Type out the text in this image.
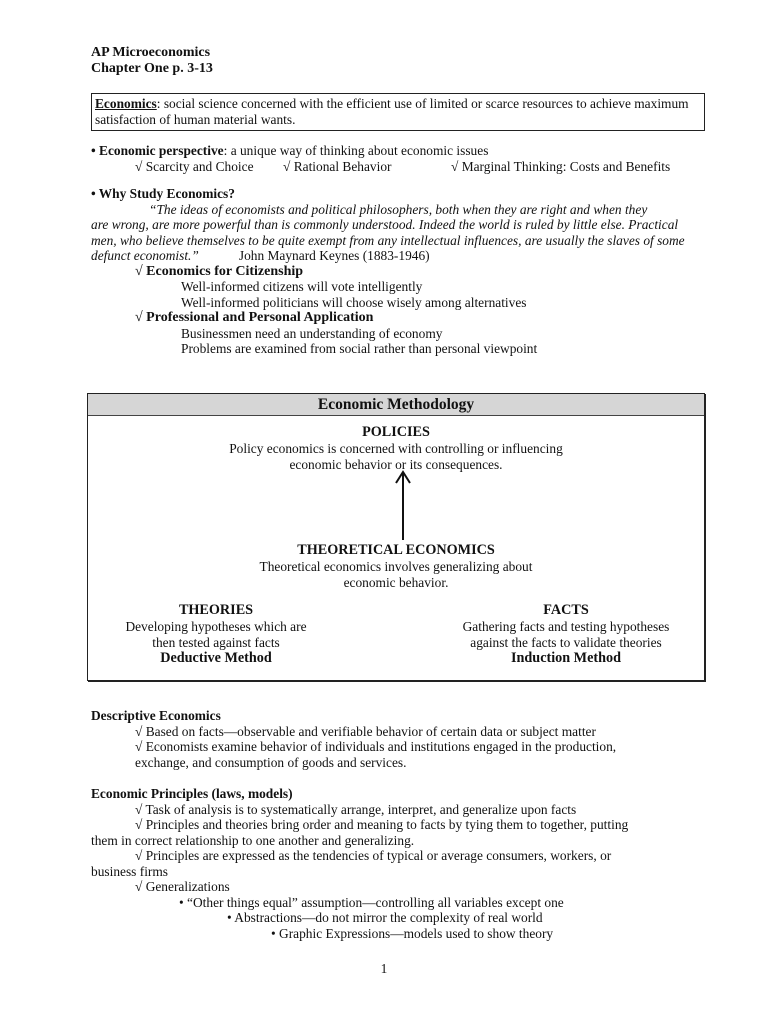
AP Microeconomics
Chapter One p. 3-13
Economics: social science concerned with the efficient use of limited or scarce resources to achieve maximum satisfaction of human material wants.
• Economic perspective: a unique way of thinking about economic issues
√ Scarcity and Choice	√ Rational Behavior	√ Marginal Thinking: Costs and Benefits
• Why Study Economics?
“The ideas of economists and political philosophers, both when they are right and when they
are wrong, are more powerful than is commonly understood. Indeed the world is ruled by little else. Practical men, who believe themselves to be quite exempt from any intellectual influences, are usually the slaves of some defunct economist.”	John Maynard Keynes (1883-1946)
√ Economics for Citizenship
Well-informed citizens will vote intelligently
Well-informed politicians will choose wisely among alternatives
√ Professional and Personal Application
Businessmen need an understanding of economy
Problems are examined from social rather than personal viewpoint
Economic Methodology
POLICIES
Policy economics is concerned with controlling or influencing
economic behavior or its consequences.
THEORETICAL ECONOMICS
Theoretical economics involves generalizing about
economic behavior.
THEORIES
Developing hypotheses which are
then tested against facts
Deductive Method
FACTS
Gathering facts and testing hypotheses
against the facts to validate theories
Induction Method
Descriptive Economics
√ Based on facts—observable and verifiable behavior of certain data or subject matter
√ Economists examine behavior of individuals and institutions engaged in the production,
exchange, and consumption of goods and services.
Economic Principles (laws, models)
√ Task of analysis is to systematically arrange, interpret, and generalize upon facts
√ Principles and theories bring order and meaning to facts by tying them to together, putting
them in correct relationship to one another and generalizing.
√ Principles are expressed as the tendencies of typical or average consumers, workers, or
business firms
√ Generalizations
• “Other things equal” assumption—controlling all variables except one
• Abstractions—do not mirror the complexity of real world
• Graphic Expressions—models used to show theory
1
